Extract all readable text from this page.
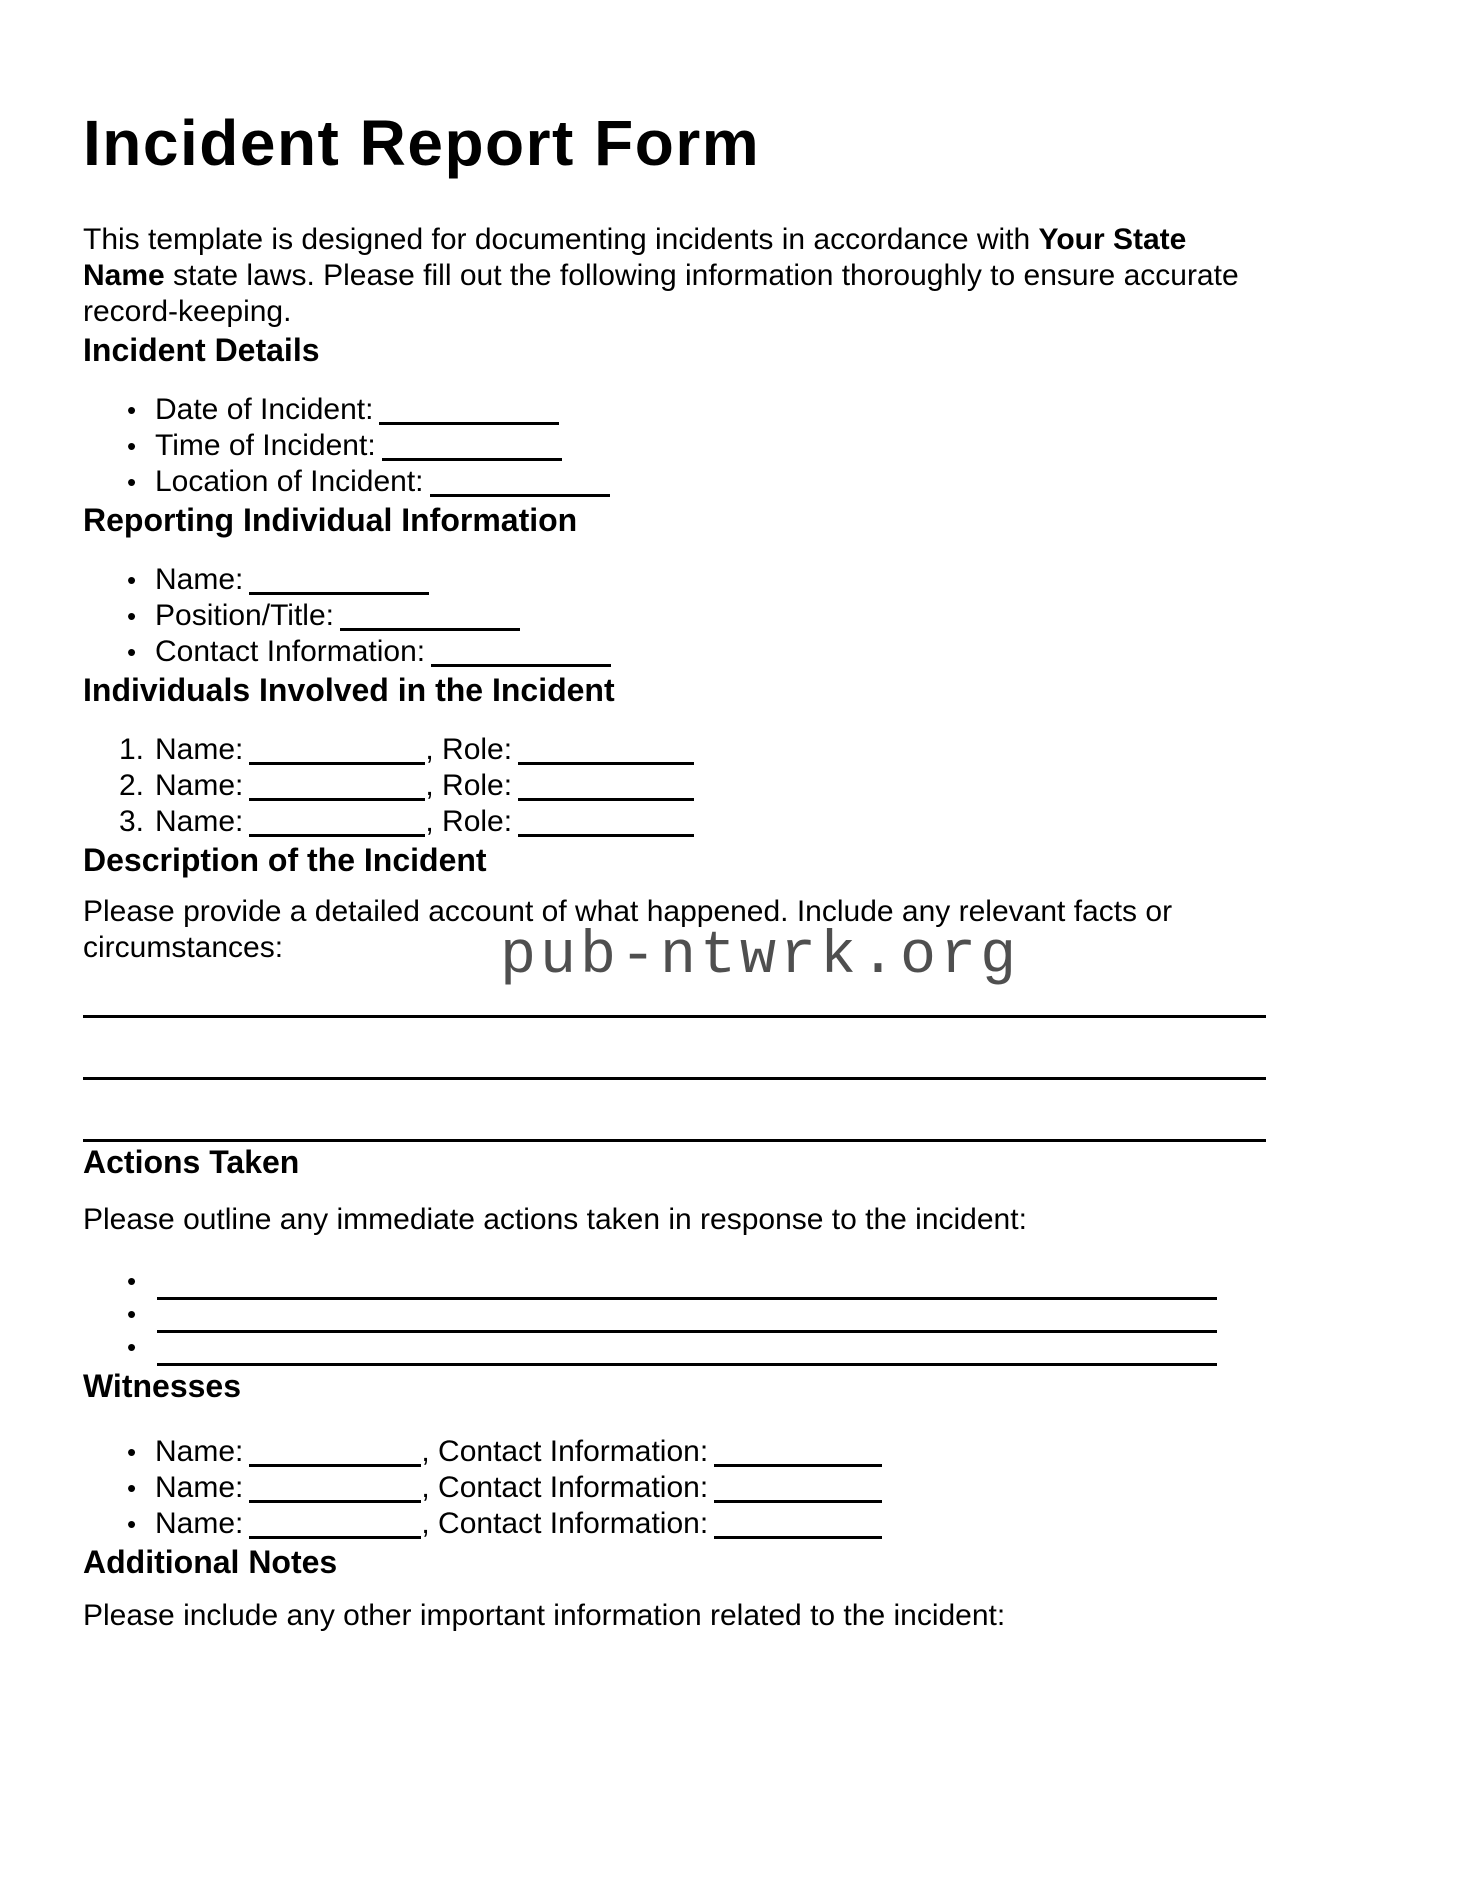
pub-ntwrk.org
Incident Report Form
This template is designed for documenting incidents in accordance with Your State
Name state laws. Please fill out the following information thoroughly to ensure accurate
record-keeping.
Incident Details
• Date of Incident:
• Time of Incident:
• Location of Incident:
Reporting Individual Information
• Name:
• Position/Title:
• Contact Information:
Individuals Involved in the Incident
1. Name:	, Role:
2. Name:	, Role:
3. Name:	, Role:
Description of the Incident
Please provide a detailed account of what happened. Include any relevant facts or
circumstances:
Actions Taken

Please outline any immediate actions taken in response to the incident:

•
•
•
Witnesses
• Name:	, Contact Information:
• Name:	, Contact Information:
• Name:	, Contact Information:
Additional Notes

Please include any other important information related to the incident:
